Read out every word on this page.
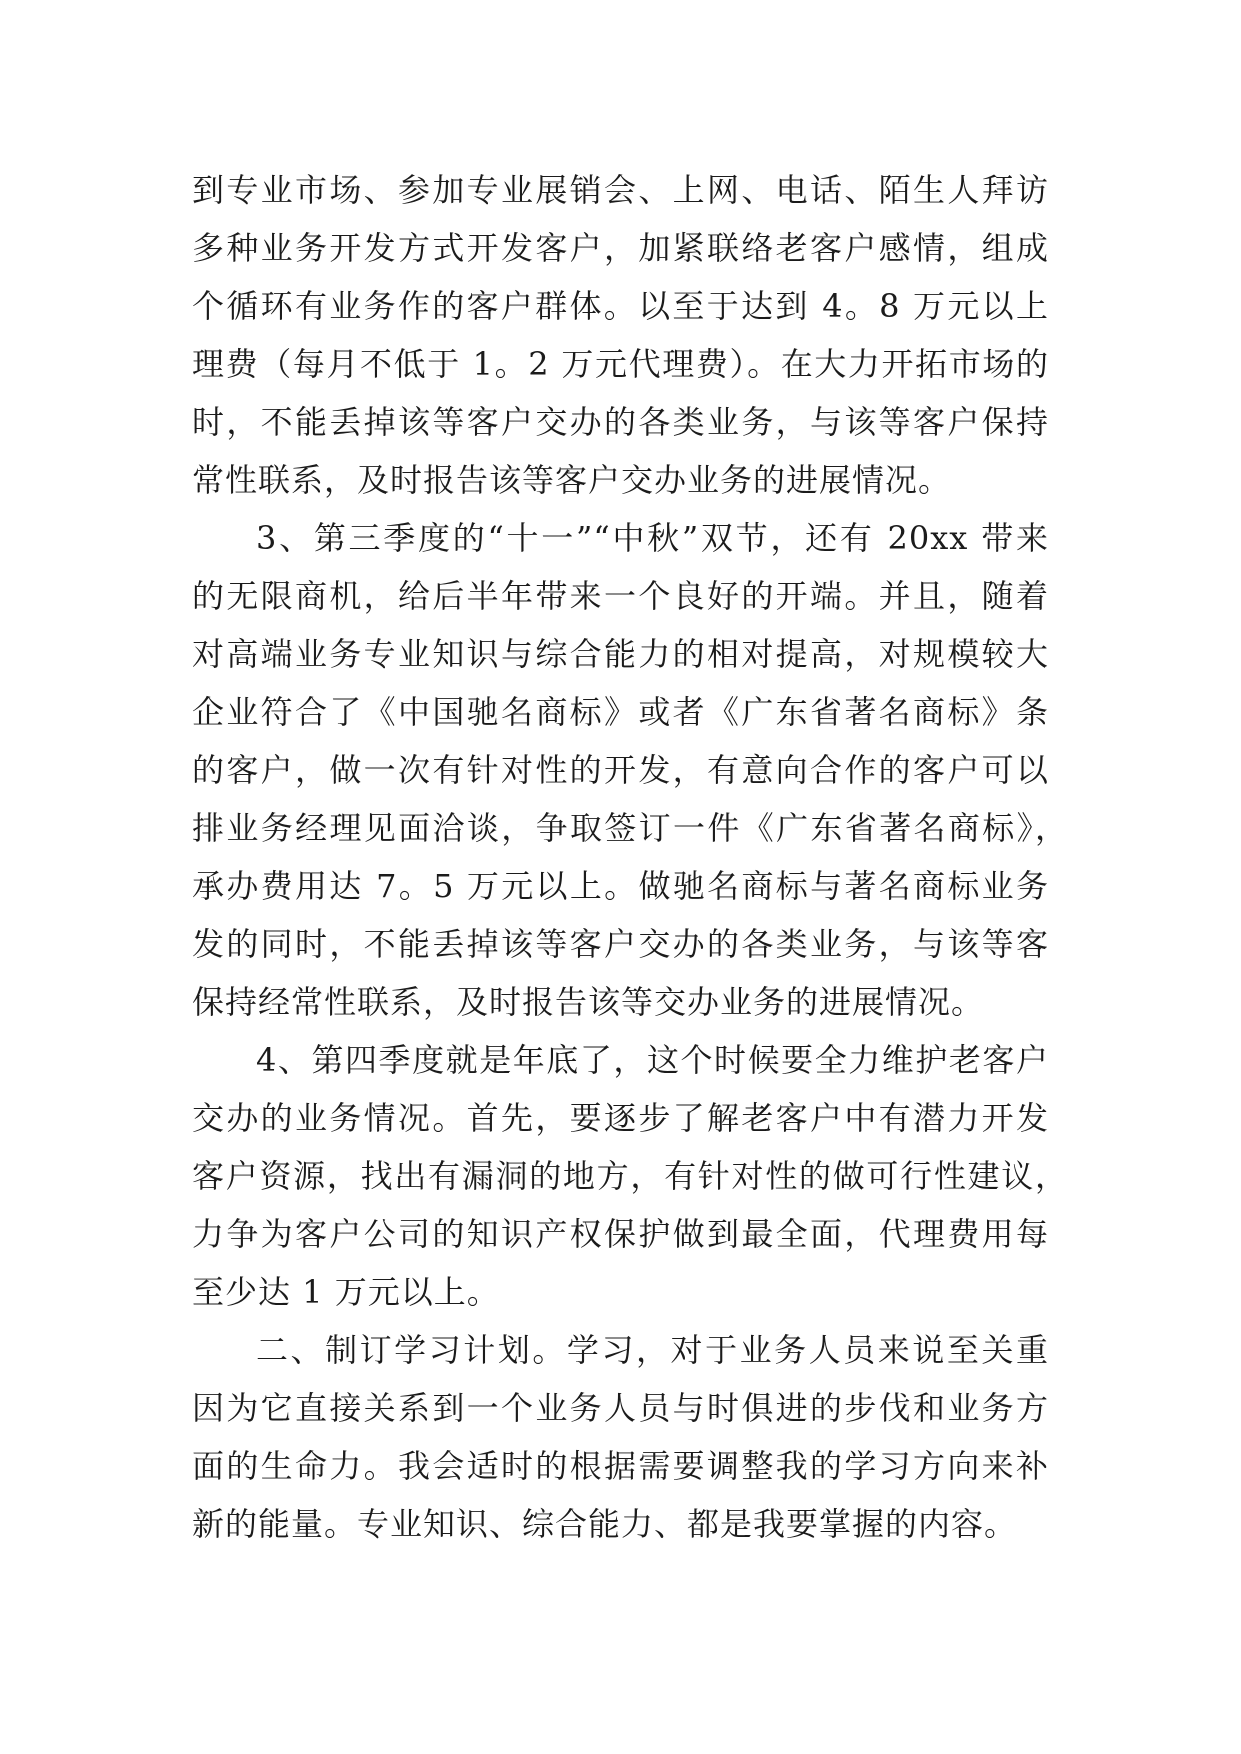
到专业市场、参加专业展销会、上网、电话、陌生人拜访
多种业务开发方式开发客户，加紧联络老客户感情，组成
个循环有业务作的客户群体。以至于达到 4。8 万元以上
理费（每月不低于 1。2 万元代理费）。在大力开拓市场的
时，不能丢掉该等客户交办的各类业务，与该等客户保持
常性联系，及时报告该等客户交办业务的进展情况。
3、第三季度的“十一”“中秋”双节，还有 20xx 带来
的无限商机，给后半年带来一个良好的开端。并且，随着
对高端业务专业知识与综合能力的相对提高，对规模较大
企业符合了《中国驰名商标》或者《广东省著名商标》条
的客户，做一次有针对性的开发，有意向合作的客户可以
排业务经理见面洽谈，争取签订一件《广东省著名商标》，
承办费用达 7。5 万元以上。做驰名商标与著名商标业务
发的同时，不能丢掉该等客户交办的各类业务，与该等客
保持经常性联系，及时报告该等交办业务的进展情况。
4、第四季度就是年底了，这个时候要全力维护老客户
交办的业务情况。首先，要逐步了解老客户中有潜力开发
客户资源，找出有漏洞的地方，有针对性的做可行性建议，
力争为客户公司的知识产权保护做到最全面，代理费用每
至少达 1 万元以上。
二、制订学习计划。学习，对于业务人员来说至关重
因为它直接关系到一个业务人员与时俱进的步伐和业务方
面的生命力。我会适时的根据需要调整我的学习方向来补
新的能量。专业知识、综合能力、都是我要掌握的内容。
